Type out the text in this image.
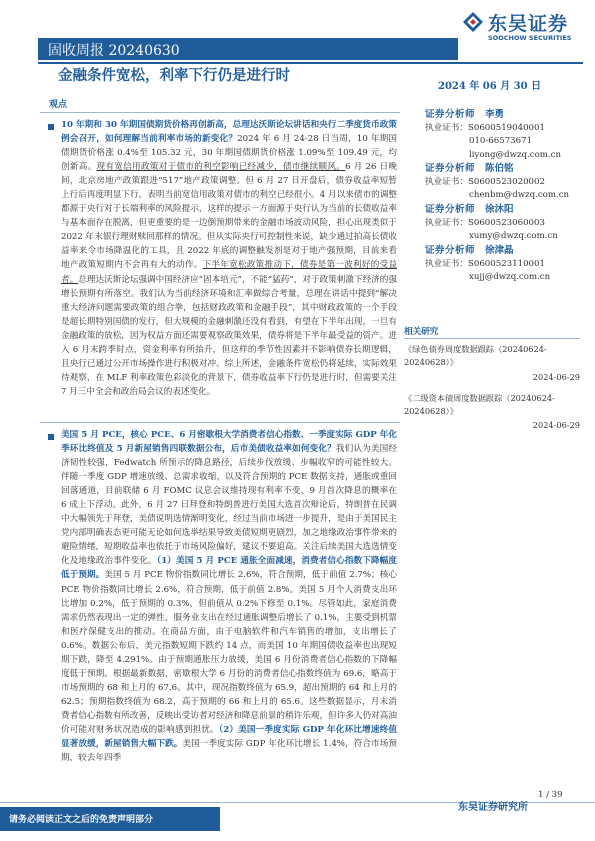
东吴证券
SOOCHOW SECURITIES
固收周报 20240630
金融条件宽松，利率下行仍是进行时
2024 年 06 月 30 日
观点

10 年期和 30 年期国债期货价格再创新高，总理达沃斯论坛讲话和央行二季度货币政策例会召开，如何理解当前利率市场的新变化？2024 年 6 月 24-28 日当周，10 年期国债期货价格涨 0.4%至 105.32 元，30 年期国债期货价格涨 1.09%至 109.49 元，均创新高。现有宽信用政策对于债市的利空影响已经减少，债市继续顺风。6 月 26 日晚间，北京房地产政策跟进“517”地产政策调整。但 6 月 27 日开盘后，债券收益率短暂上行后再度明显下行，表明当前宽信用政策对债市的利空已经很小。4 月以来债市的调整都源于央行对于长端利率的风险提示，这样的提示一方面源于央行认为当前的长债收益率与基本面存在脱离，但更重要的是一边倒预期带来的金融市场波动风险，担心出现类似于 2022 年末银行理财赎回那样的情况。但从实际央行可控制性来说，缺少通过拍高长债收益率来令市场降温化的工具，且 2022 年底的调整触发剂是对于地产强预期，目前来看地产政策短期内不会再有大的动作。下半年宽松政策推动下，债券是第一波利好的受益者。总理达沃斯论坛强调中国经济应“固本培元”，不能“猛药”，对于政策刺激下经济的强增长预期有所落空。我们认为当前经济环境和汇率做综合考量，总理在讲话中提到“解决重大经济问题需要政策的组合拳，包括财政政策和金融手段”，其中财政政策的一个手段是超长期特别国债的发行，但大规模的金融刺激还没有看到，有望在下半年出现，一旦有金融政策的放松，因为权益方面还需要观察政策效果，债券将是下半年最受益的资产。进入 6 月末跨季时点，资金利率有所抬升，但这样的季节性因素并不影响债券长期逻辑，且央行已通过公开市场操作进行积极对冲。综上所述，金融条件宽松仍将延续，实际效果待观察，在 MLF 利率政策色彩淡化的背景下，债券收益率下行仍是进行时，但需要关注 7 月三中全会和政治局会议的表述变化。

美国 5 月 PCE，核心 PCE、6 月密歇根大学消费者信心指数、一季度实际 GDP 年化季环比终值及 5 月新屋销售四联数据公布，后市美债收益率如何变化？我们认为美国经济韧性较强，Fedwatch 所预示的降息路径，后续步伐放缓、步幅收窄的可能性较大。伴随一季度 GDP 增速放缓、总需求收缩，以及符合预期的 PCE 数据支持，通胀或重回回落通道，目前联储 6 月 FOMC 议息会议维持现有利率不变，9 月首次降息的概率在 6 成上下浮动。此外，6 月 27 日拜登和特朗普进行美国大选首次辩论后，特朗普在民调中大幅领先于拜登，美债说明选情渐明变化，经过当前市场进一步提升，是由于美国民主党内部明确表态更可能无论如何选举结果导致美债短期更剧烈，加之地缘政治事件带来的避险情绪，短期收益率也依托于市场风险偏好，建议不要追高。关注后续美国大选选情变化及地缘政治事件变化。（1）美国 5 月 PCE 通胀全面减速，消费者信心指数下降幅度低于预期。美国 5 月 PCE 物价指数同比增长 2.6%，符合预期，低于前值 2.7%；核心 PCE 物价指数同比增长 2.6%，符合预期，低于前值 2.8%。美国 5 月个人消费支出环比增加 0.2%，低于预期的 0.3%，但前值从 0.2%下修至 0.1%。尽管如此，家庭消费需求仍然表现出一定的弹性，服务业支出在经过通胀调整后增长了 0.1%，主要受到机票和医疗保健支出的推动。在商品方面，由于电脑软件和汽车销售的增加，支出增长了 0.6%。数据公布后，美元指数短期下跌约 14 点，而美国 10 年期国债收益率也出现短期下跌，降至 4.291%。由于预期通胀压力放缓，美国 6 月份消费者信心指数的下降幅度低于预期。根据最新数据，密歇根大学 6 月份的消费者信心指数终值为 69.6，略高于市场预期的 68 和上月的 67.6。其中，现况指数终值为 65.9，超出预期的 64 和上月的 62.5；预期指数终值为 68.2，高于预期的 66 和上月的 65.6。这些数据显示，月末消费者信心指数有所改善，反映出受访者对经济和降息前景的稍许乐观，但许多人仍对高油价可能对财务状况造成的影响感到担忧。（2）美国一季度实际 GDP 年化环比增速终值显著放缓，新屋销售大幅下跌。美国一季度实际 GDP 年化环比增长 1.4%，符合市场预期，较去年四季

证券分析师 李勇
执业证书：S0600519040001
010-66573671
liyong@dwzq.com.cn
证券分析师 陈伯铭
执业证书：S0600523020002
chenbm@dwzq.com.cn
证券分析师 徐沐阳
执业证书：S0600523060003
xumy@dwzq.com.cn
证券分析师 徐津晶
执业证书：S0600523110001
xujj@dwzq.com.cn
相关研究
《绿色债券周度数据跟踪（20240624-20240628）》
2024-06-29
《二级资本债周度数据跟踪（20240624-20240628）》
2024-06-29
1 / 39
东吴证券研究所
请务必阅读正文之后的免责声明部分
